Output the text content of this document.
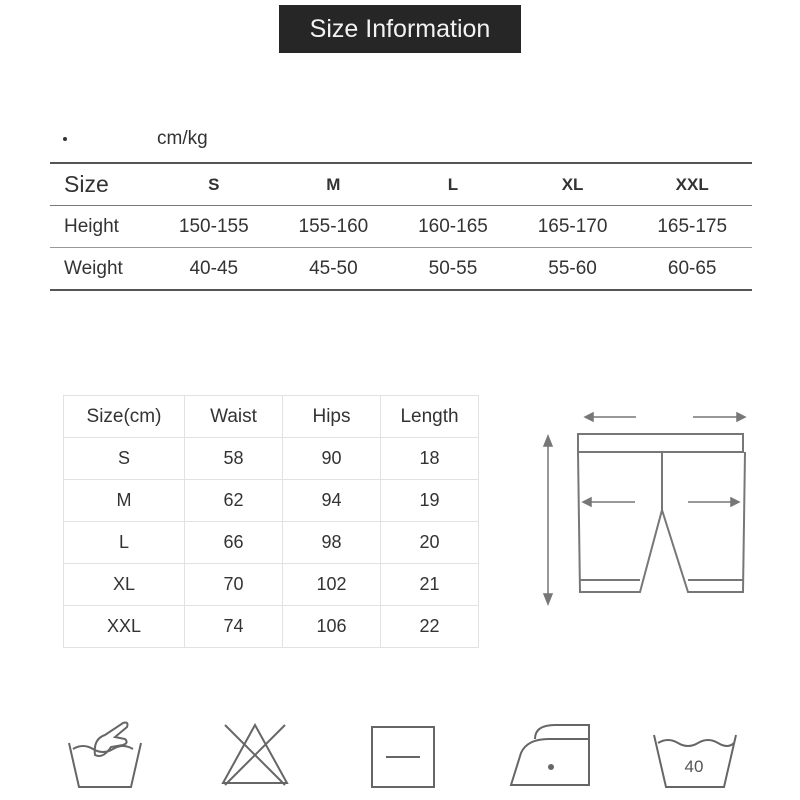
Size Information
cm/kg
Size	S	M	L	XL	XXL
Height	150-155	155-160	160-165	165-170	165-175
Weight	40-45	45-50	50-55	55-60	60-65
Size(cm)	Waist	Hips	Length
S	58	90	18
M	62	94	19
L	66	98	20
XL	70	102	21
XXL	74	106	22
40
